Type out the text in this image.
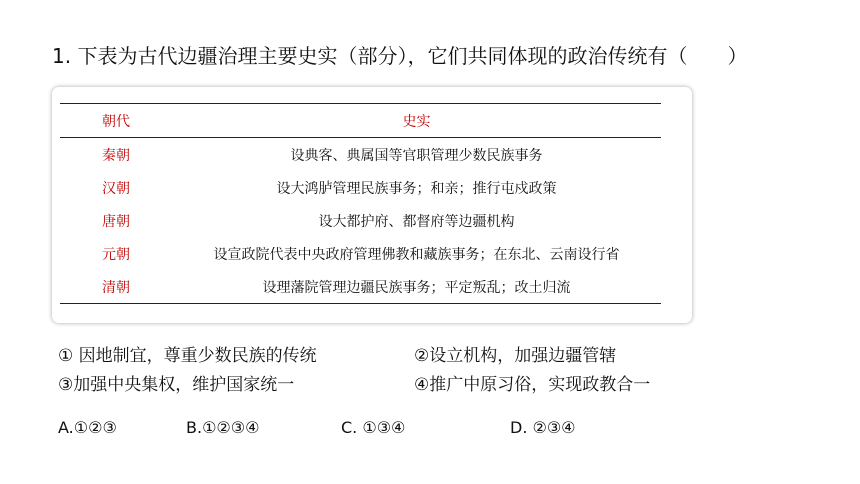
1. 下表为古代边疆治理主要史实（部分），它们共同体现的政治传统有（　　）

朝代	史实
秦朝	设典客、典属国等官职管理少数民族事务
汉朝	设大鸿胪管理民族事务；和亲；推行屯戍政策
唐朝	设大都护府、都督府等边疆机构
元朝	设宣政院代表中央政府管理佛教和藏族事务；在东北、云南设行省
清朝	设理藩院管理边疆民族事务；平定叛乱；改土归流
① 因地制宜，尊重少数民族的传统	②设立机构，加强边疆管辖
③加强中央集权，维护国家统一	④推广中原习俗，实现政教合一
A.①②③	B.①②③④	C. ①③④	D. ②③④
